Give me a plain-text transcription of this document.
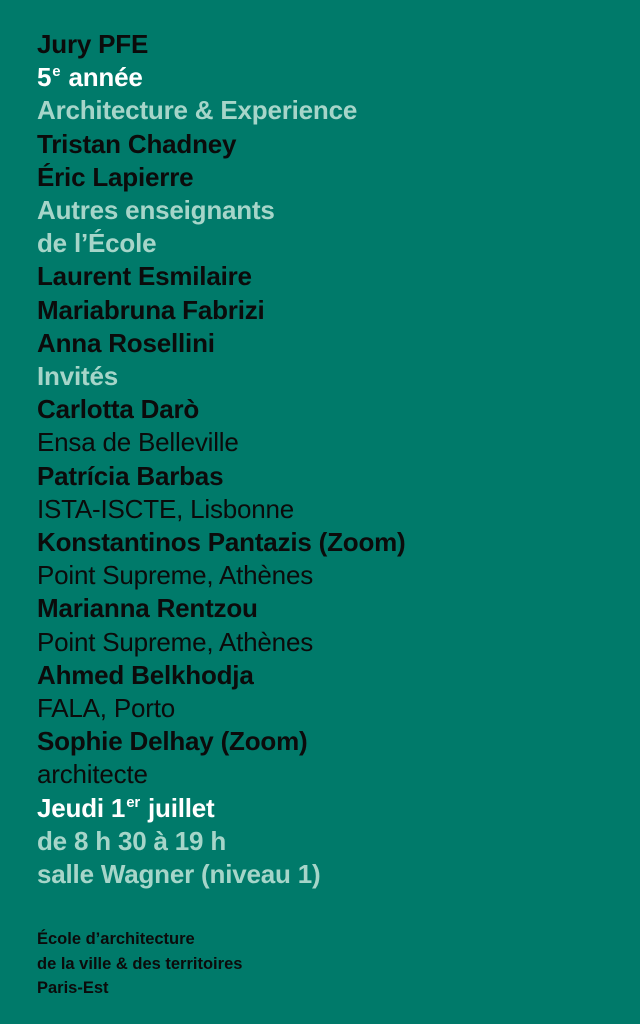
Jury PFE
5e année
Architecture & Experience
Tristan Chadney
Éric Lapierre
Autres enseignants
de l’École
Laurent Esmilaire
Mariabruna Fabrizi
Anna Rosellini
Invités
Carlotta Darò
Ensa de Belleville
Patrícia Barbas
ISTA-ISCTE, Lisbonne
Konstantinos Pantazis (Zoom)
Point Supreme, Athènes
Marianna Rentzou
Point Supreme, Athènes
Ahmed Belkhodja
FALA, Porto
Sophie Delhay (Zoom)
architecte
Jeudi 1er juillet
de 8 h 30 à 19 h
salle Wagner (niveau 1)
École d’architecture
de la ville & des territoires
Paris-Est
